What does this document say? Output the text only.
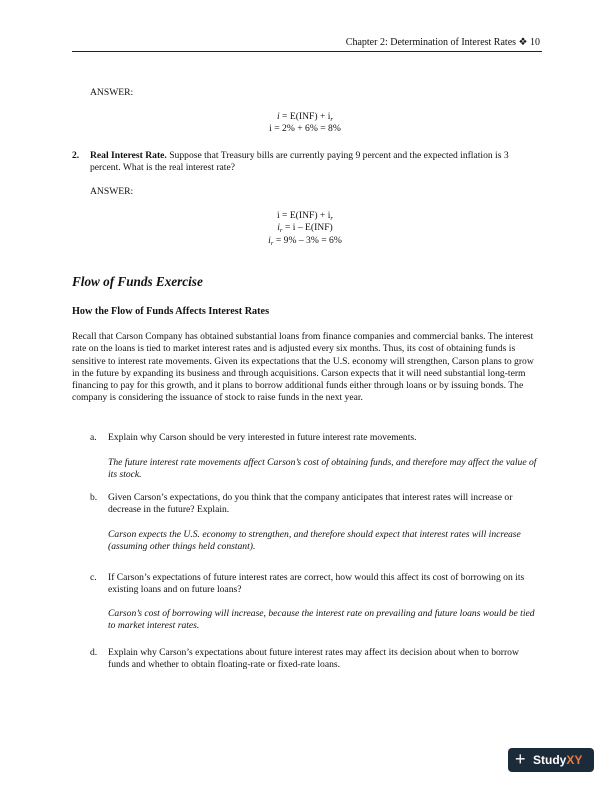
Chapter 2: Determination of Interest Rates ❖ 10
ANSWER:
$i = E(INF) + i_r$
i = 2% + 6% = 8%
2. Real Interest Rate. Suppose that Treasury bills are currently paying 9 percent and the expected inflation is 3 percent. What is the real interest rate?
ANSWER:
$i = E(INF) + i_r$
$i_r = i - E(INF)$
$i_r = 9\% - 3\% = 6\%$
Flow of Funds Exercise
How the Flow of Funds Affects Interest Rates
Recall that Carson Company has obtained substantial loans from finance companies and commercial banks. The interest rate on the loans is tied to market interest rates and is adjusted every six months. Thus, its cost of obtaining funds is sensitive to interest rate movements. Given its expectations that the U.S. economy will strengthen, Carson plans to grow in the future by expanding its business and through acquisitions. Carson expects that it will need substantial long-term financing to pay for this growth, and it plans to borrow additional funds either through loans or by issuing bonds. The company is considering the issuance of stock to raise funds in the next year.
a. Explain why Carson should be very interested in future interest rate movements.
The future interest rate movements affect Carson’s cost of obtaining funds, and therefore may affect the value of its stock.
b. Given Carson’s expectations, do you think that the company anticipates that interest rates will increase or decrease in the future? Explain.
Carson expects the U.S. economy to strengthen, and therefore should expect that interest rates will increase (assuming other things held constant).
c. If Carson’s expectations of future interest rates are correct, how would this affect its cost of borrowing on its existing loans and on future loans?
Carson’s cost of borrowing will increase, because the interest rate on prevailing and future loans would be tied to market interest rates.
d. Explain why Carson’s expectations about future interest rates may affect its decision about when to borrow funds and whether to obtain floating-rate or fixed-rate loans.
+ StudyXY
